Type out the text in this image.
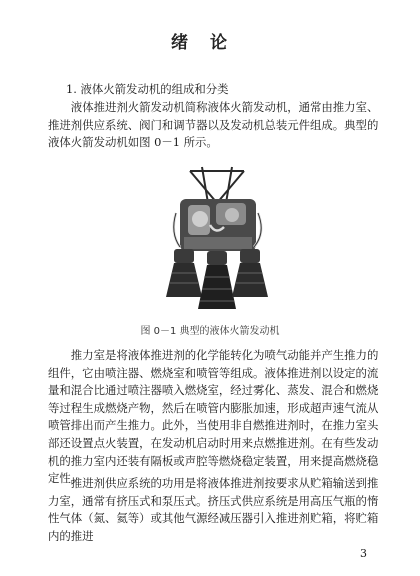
绪论
1. 液体火箭发动机的组成和分类
液体推进剂火箭发动机简称液体火箭发动机，通常由推力室、推进剂供应系统、阀门和调节器以及发动机总装元件组成。典型的液体火箭发动机如图 0－1 所示。
图 0－1 典型的液体火箭发动机
推力室是将液体推进剂的化学能转化为喷气动能并产生推力的组件，它由喷注器、燃烧室和喷管等组成。液体推进剂以设定的流量和混合比通过喷注器喷入燃烧室，经过雾化、蒸发、混合和燃烧等过程生成燃烧产物，然后在喷管内膨胀加速，形成超声速气流从喷管排出而产生推力。此外，当使用非自燃推进剂时，在推力室头部还设置点火装置，在发动机启动时用来点燃推进剂。在有些发动机的推力室内还装有隔板或声腔等燃烧稳定装置，用来提高燃烧稳定性。
推进剂供应系统的功用是将液体推进剂按要求从贮箱输送到推力室，通常有挤压式和泵压式。挤压式供应系统是用高压气瓶的惰性气体（氮、氦等）或其他气源经减压器引入推进剂贮箱，将贮箱内的推进
3
